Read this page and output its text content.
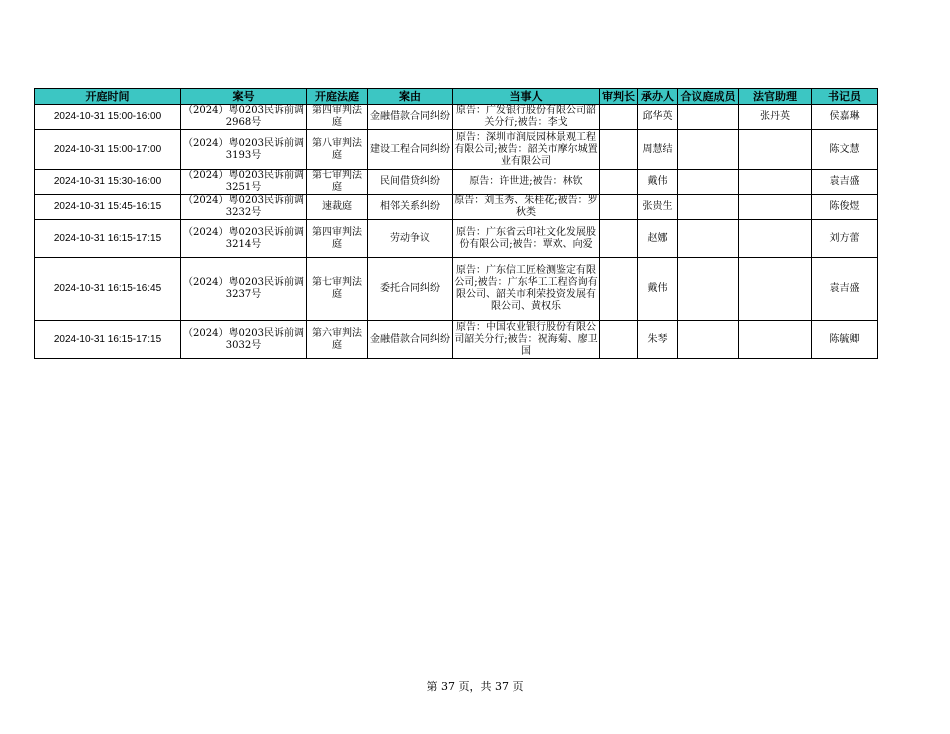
开庭时间	案号	开庭法庭	案由	当事人	审判长	承办人	合议庭成员	法官助理	书记员
2024-10-31 15:00-16:00	（2024）粤0203民诉前调2968号	第四审判法庭	金融借款合同纠纷	原告：广发银行股份有限公司韶关分行;被告：李戈		邱华英		张丹英	侯嘉琳
2024-10-31 15:00-17:00	（2024）粤0203民诉前调3193号	第八审判法庭	建设工程合同纠纷	原告：深圳市润辰园林景观工程有限公司;被告：韶关市摩尔城置业有限公司		周慧结			陈文慧
2024-10-31 15:30-16:00	（2024）粤0203民诉前调3251号	第七审判法庭	民间借贷纠纷	原告：许世进;被告：林钦		戴伟			袁吉盛
2024-10-31 15:45-16:15	（2024）粤0203民诉前调3232号	速裁庭	相邻关系纠纷	原告：刘玉秀、朱桂花;被告：罗秋类		张贵生			陈俊煜
2024-10-31 16:15-17:15	（2024）粤0203民诉前调3214号	第四审判法庭	劳动争议	原告：广东省云印社文化发展股份有限公司;被告：覃欢、向爱		赵娜			刘方蕾
2024-10-31 16:15-16:45	（2024）粤0203民诉前调3237号	第七审判法庭	委托合同纠纷	原告：广东信工匠检测鉴定有限公司;被告：广东华工工程咨询有限公司、韶关市利荣投资发展有限公司、黄权乐		戴伟			袁吉盛
2024-10-31 16:15-17:15	（2024）粤0203民诉前调3032号	第六审判法庭	金融借款合同纠纷	原告：中国农业银行股份有限公司韶关分行;被告：祝海菊、廖卫国		朱琴			陈毓卿
第 37 页，共 37 页
